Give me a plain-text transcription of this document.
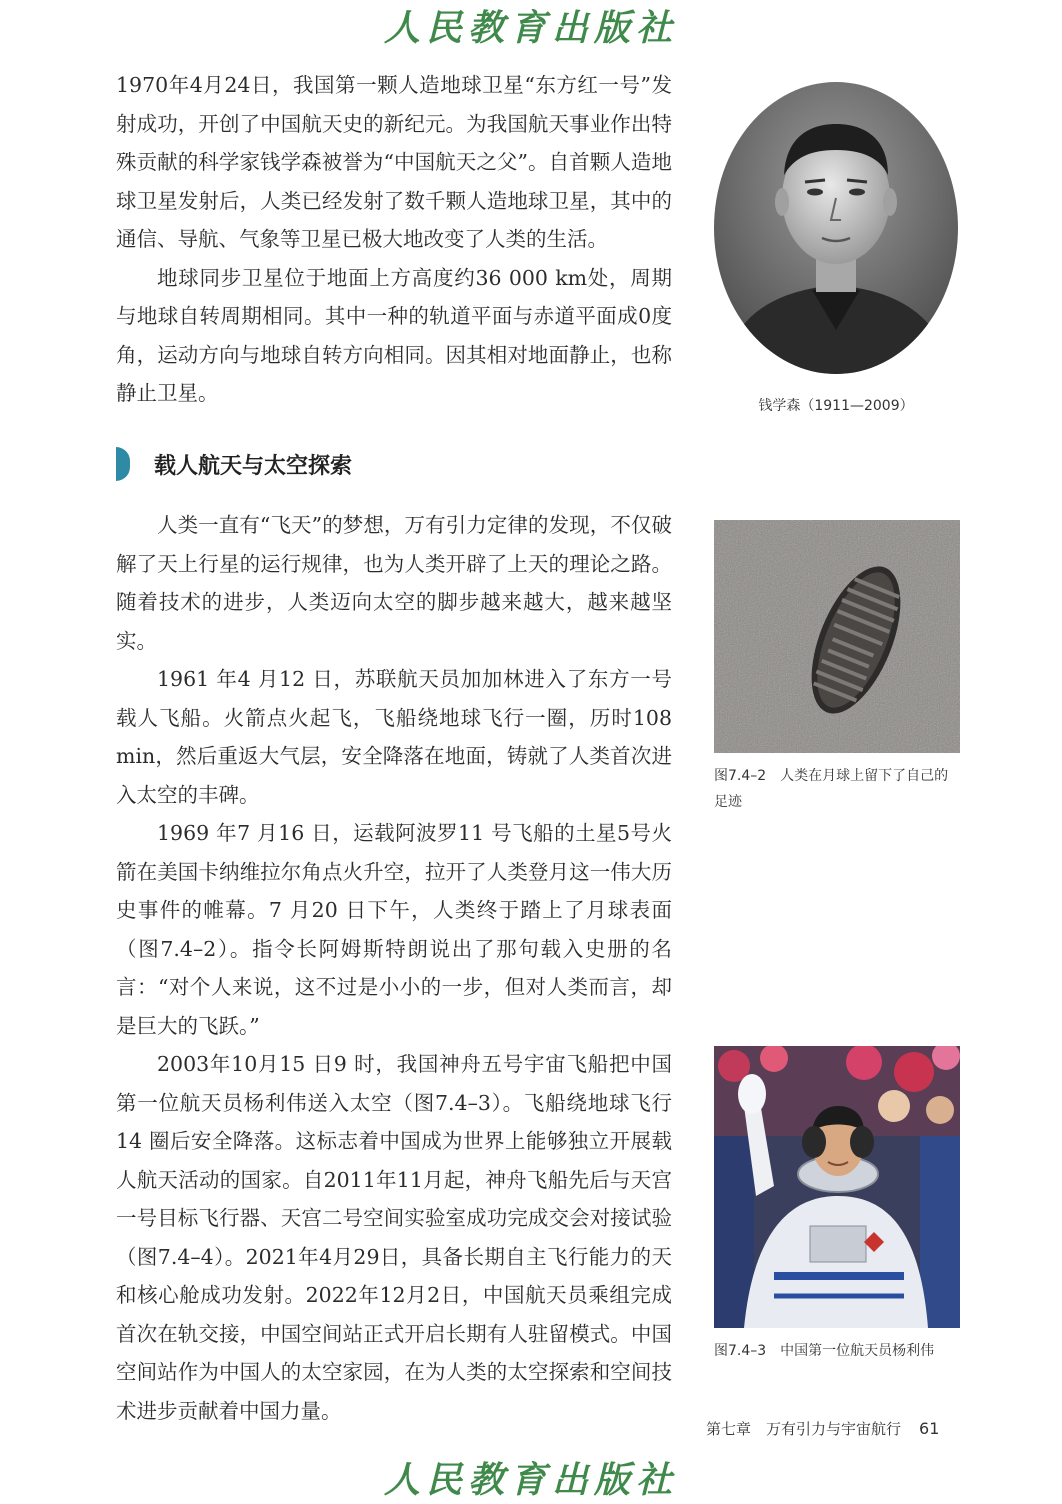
人民教育出版社

1970年4月24日，我国第一颗人造地球卫星“东方红一号”发射成功，开创了中国航天史的新纪元。为我国航天事业作出特殊贡献的科学家钱学森被誉为“中国航天之父”。自首颗人造地球卫星发射后，人类已经发射了数千颗人造地球卫星，其中的通信、导航、气象等卫星已极大地改变了人类的生活。

地球同步卫星位于地面上方高度约36 000 km处，周期与地球自转周期相同。其中一种的轨道平面与赤道平面成0度角，运动方向与地球自转方向相同。因其相对地面静止，也称静止卫星。

钱学森（1911—2009）
载人航天与太空探索

人类一直有“飞天”的梦想，万有引力定律的发现，不仅破解了天上行星的运行规律，也为人类开辟了上天的理论之路。随着技术的进步，人类迈向太空的脚步越来越大，越来越坚实。

1961 年4 月12 日，苏联航天员加加林进入了东方一号载人飞船。火箭点火起飞，飞船绕地球飞行一圈，历时108 min，然后重返大气层，安全降落在地面，铸就了人类首次进入太空的丰碑。

1969 年7 月16 日，运载阿波罗11 号飞船的土星5号火箭在美国卡纳维拉尔角点火升空，拉开了人类登月这一伟大历史事件的帷幕。7 月20 日下午，人类终于踏上了月球表面（图7.4–2）。指令长阿姆斯特朗说出了那句载入史册的名言：“对个人来说，这不过是小小的一步，但对人类而言，却是巨大的飞跃。”

2003年10月15 日9 时，我国神舟五号宇宙飞船把中国第一位航天员杨利伟送入太空（图7.4–3）。飞船绕地球飞行14 圈后安全降落。这标志着中国成为世界上能够独立开展载人航天活动的国家。自2011年11月起，神舟飞船先后与天宫一号目标飞行器、天宫二号空间实验室成功完成交会对接试验（图7.4–4）。2021年4月29日，具备长期自主飞行能力的天和核心舱成功发射。2022年12月2日，中国航天员乘组完成首次在轨交接，中国空间站正式开启长期有人驻留模式。中国空间站作为中国人的太空家园，在为人类的太空探索和空间技术进步贡献着中国力量。

图7.4–2　人类在月球上留下了自己的足迹
图7.4–3　中国第一位航天员杨利伟
第七章　万有引力与宇宙航行 61
人民教育出版社
